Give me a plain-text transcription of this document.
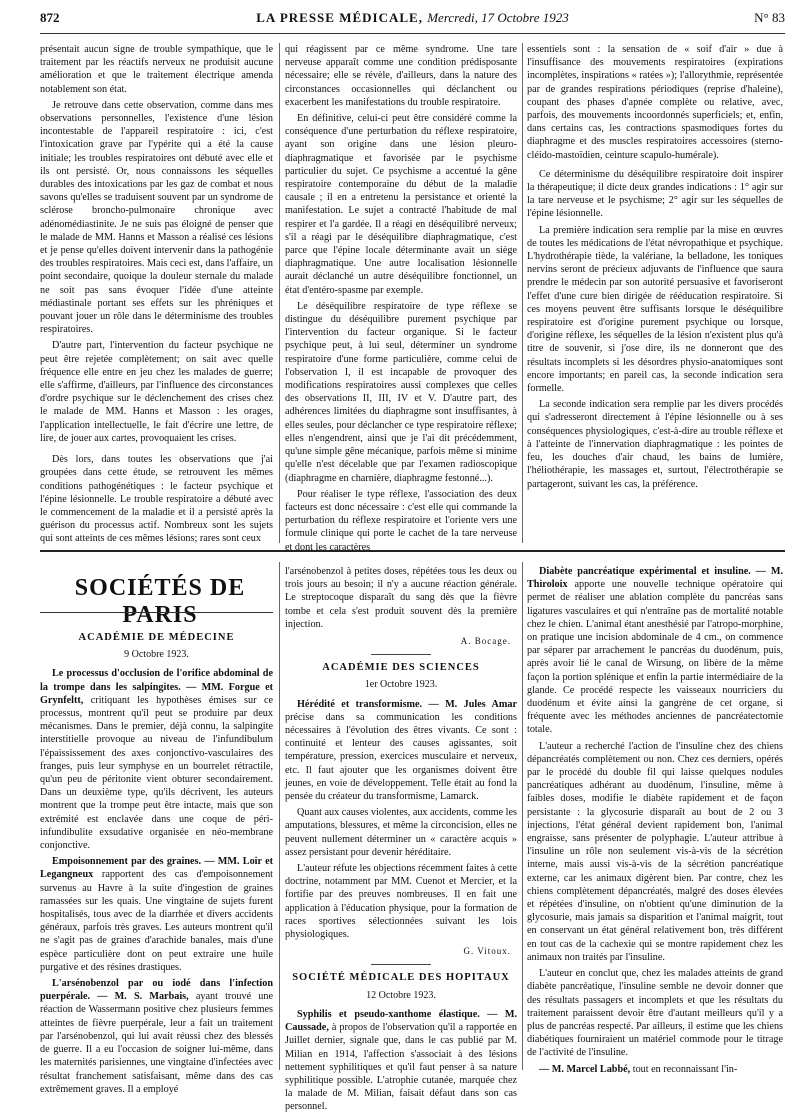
872	LA PRESSE MÉDICALE, Mercredi, 17 Octobre 1923	N° 83

présentait aucun signe de trouble sympathique, que le traitement par les réactifs nerveux ne produisit aucune amélioration et que le traitement électrique amenda notablement son état.

Je retrouve dans cette observation, comme dans mes observations personnelles, l'existence d'une lésion incontestable de l'appareil respiratoire : ici, c'est l'intoxication grave par l'ypérite qui a été la cause initiale; les troubles respiratoires ont débuté avec elle et ils ont persisté. Or, nous connaissons les séquelles durables des intoxications par les gaz de combat et nous savons qu'elles se traduisent souvent par un syndrome de sclérose broncho-pulmonaire chronique avec adénomédiastinite. Je ne suis pas éloigné de penser que le malade de MM. Hanns et Masson a réalisé ces lésions et je pense qu'elles doivent intervenir dans la pathogénie des troubles respiratoires. Mais ceci est, dans l'affaire, un point secondaire, quoique la douleur sternale du malade ne soit pas sans évoquer l'idée d'une atteinte médiastinale portant ses effets sur les phréniques et pouvant jouer un rôle dans le déterminisme des troubles respiratoires.

D'autre part, l'intervention du facteur psychique ne peut être rejetée complètement; on sait avec quelle fréquence elle entre en jeu chez les malades de guerre; elle s'affirme, d'ailleurs, par l'influence des circonstances d'ordre psychique sur le déclenchement des crises chez le malade de MM. Hanns et Masson : les orages, l'application intellectuelle, le fait d'écrire une lettre, de lire, de jouer aux cartes, provoquaient les crises.

Dès lors, dans toutes les observations que j'ai groupées dans cette étude, se retrouvent les mêmes conditions pathogénétiques : le facteur psychique et l'épine lésionnelle. Le trouble respiratoire a débuté avec le commencement de la maladie et il a persisté après la guérison du processus actif. Nombreux sont les sujets qui sont atteints de ces mêmes lésions; rares sont ceux

qui réagissent par ce même syndrome. Une tare nerveuse apparaît comme une condition prédisposante nécessaire; elle se révèle, d'ailleurs, dans la nature des circonstances occasionnelles qui déclanchent ou exacerbent les manifestations du trouble respiratoire.

En définitive, celui-ci peut être considéré comme la conséquence d'une perturbation du réflexe respiratoire, ayant son origine dans une lésion pleuro-diaphragmatique et favorisée par le psychisme particulier du sujet. Ce psychisme a accentué la gêne respiratoire contemporaine du début de la maladie causale ; il en a entretenu la persistance et orienté la manifestation. Le sujet a contracté l'habitude de mal respirer et l'a gardée. Il a réagi en déséquilibré nerveux; s'il a réagi par le déséquilibre diaphragmatique, c'est parce que l'épine locale déterminante avait un siège diaphragmatique. Une autre localisation lésionnelle aurait déclanché un autre déséquilibre fonctionnel, un état d'entéro-spasme par exemple.

Le déséquilibre respiratoire de type réflexe se distingue du déséquilibre purement psychique par l'intervention du facteur organique. Si le facteur psychique peut, à lui seul, déterminer un syndrome respiratoire d'une forme particulière, comme celui de l'observation I, il est incapable de provoquer des modifications respiratoires aussi complexes que celles des observations II, III, IV et V. D'autre part, des adhérences limitées du diaphragme sont insuffisantes, à elles seules, pour déclancher ce type respiratoire réflexe; elles n'engendrent, ainsi que je l'ai dit précédemment, qu'une simple gêne mécanique, parfois même si minime qu'elle n'est décelable que par l'examen radioscopique (diaphragme en charnière, diaphragme festonné...).

Pour réaliser le type réflexe, l'association des deux facteurs est donc nécessaire : c'est elle qui commande la perturbation du réflexe respiratoire et l'oriente vers une formule clinique qui porte le cachet de la tare nerveuse et dont les caractères

essentiels sont : la sensation de « soif d'air » due à l'insuffisance des mouvements respiratoires (expirations incomplètes, inspirations « ratées »); l'allorythmie, représentée par de grandes respirations périodiques (reprise d'haleine), coupant des phases d'apnée complète ou relative, avec, parfois, des mouvements incoordonnés superficiels; et, enfin, dans certains cas, les contractions spasmodiques fortes du diaphragme et des muscles respiratoires accessoires (sterno-cléido-mastoïdien, ceinture scapulo-humérale).

Ce déterminisme du déséquilibre respiratoire doit inspirer la thérapeutique; il dicte deux grandes indications : 1° agir sur la tare nerveuse et le psychisme; 2° agir sur les séquelles de l'épine lésionnelle.

La première indication sera remplie par la mise en œuvres de toutes les médications de l'état névropathique et psychique. L'hydrothérapie tiède, la valériane, la belladone, les toniques nervins seront de précieux adjuvants de l'influence que saura prendre le médecin par son autorité persuasive et favoriseront l'effet d'une cure bien dirigée de rééducation respiratoire. Si ces moyens peuvent être suffisants lorsque le déséquilibre respiratoire est d'origine purement psychique ou lorsque, d'origine réflexe, les séquelles de la lésion n'existent plus qu'à titre de souvenir, si j'ose dire, ils ne donneront que des résultats incomplets si les désordres physio-anatomiques sont encore importants; en pareil cas, la seconde indication sera formelle.

La seconde indication sera remplie par les divers procédés qui s'adresseront directement à l'épine lésionnelle ou à ses conséquences physiologiques, c'est-à-dire au trouble réflexe et à l'atteinte de l'innervation diaphragmatique : les pointes de feu, les douches d'air chaud, les bains de lumière, l'héliothérapie, les massages et, surtout, l'électrothérapie se partageront, suivant les cas, la préférence.

SOCIÉTÉS DE PARIS
ACADÉMIE DE MÉDECINE
9 Octobre 1923.

Le processus d'occlusion de l'orifice abdominal de la trompe dans les salpingites. — MM. Forgue et Grynfeltt, critiquant les hypothèses émises sur ce processus, montrent qu'il peut se produire par deux mécanismes. Dans le premier, déjà connu, la salpingite interstitielle provoque au niveau de l'infundibulum l'épaississement des axes conjonctivo-vasculaires des franges, puis leur symphyse en un bourrelet rétractile, qu'un peu de péritonite vient obturer secondairement. Dans un deuxième type, qu'ils décrivent, les auteurs montrent que la trompe peut être intacte, mais que son extrémité est enclavée dans une coque de péri-infundibulite exsudative organisée en néo-membrane conjonctive.

Empoisonnement par des graines. — MM. Loir et Legangneux rapportent des cas d'empoisonnement survenus au Havre à la suite d'ingestion de graines ramassées sur les quais. Une vingtaine de sujets furent hospitalisés, tous avec de la diarrhée et divers accidents généraux, parfois très graves. Les auteurs montrent qu'il ne s'agit pas de graines d'arachide banales, mais d'une espèce particulière dont on peut extraire une huile purgative et des résines drastiques.

L'arsénobenzol par ou iodé dans l'infection puerpérale. — M. S. Marbais, ayant trouvé une réaction de Wassermann positive chez plusieurs femmes atteintes de fièvre puerpérale, leur a fait un traitement par l'arsénobenzol, qui lui avait réussi chez des blessés de guerre. Il a eu l'occasion de soigner lui-même, dans les maternités parisiennes, une vingtaine d'infectées avec résultat franchement satisfaisant, même dans des cas extrêmement graves. Il a employé

l'arsénobenzol à petites doses, répétées tous les deux ou trois jours au besoin; il n'y a aucune réaction générale. Le streptocoque disparaît du sang dès que la fièvre tombe et cela s'est produit souvent dès la première injection.

A. Bocage.
ACADÉMIE DES SCIENCES
1er Octobre 1923.

Hérédité et transformisme. — M. Jules Amar précise dans sa communication les conditions nécessaires à l'évolution des êtres vivants. Ce sont : continuité et lenteur des causes agissantes, soit température, pression, exercices musculaire et nerveux, etc. Il faut ajouter que les organismes doivent être jeunes, en voie de développement. Telle était au fond la pensée du créateur du transformisme, Lamarck.

Quant aux causes violentes, aux accidents, comme les amputations, blessures, et même la circoncision, elles ne peuvent nullement déterminer un « caractère acquis » assez persistant pour devenir héréditaire.

L'auteur réfute les objections récemment faites à cette doctrine, notamment par MM. Cuenot et Mercier, et la fortifie par des preuves nombreuses. Il en fait une application à l'éducation physique, pour la formation de races sportives sélectionnées suivant les lois physiologiques.

G. Vitoux.
SOCIÉTÉ MÉDICALE DES HOPITAUX
12 Octobre 1923.

Syphilis et pseudo-xanthome élastique. — M. Caussade, à propos de l'observation qu'il a rapportée en Juillet dernier, signale que, dans le cas publié par M. Milian en 1914, l'affection s'associait à des lésions nettement syphilitiques et qu'il faut penser à sa nature syphilitique possible. L'atrophie cutanée, marquée chez la malade de M. Milian, faisait défaut dans son cas personnel.

Diabète pancréatique expérimental et insuline. — M. Thiroloix apporte une nouvelle technique opératoire qui permet de réaliser une ablation complète du pancréas sans ligatures vasculaires et qui n'entraîne pas de mortalité notable chez le chien. L'animal étant anesthésié par l'atropo-morphine, on pratique une incision abdominale de 4 cm., on commence par séparer par arrachement le pancréas du duodénum, puis, après avoir lié le canal de Wirsung, on libère de la même façon la portion splénique et enfin la partie intermédiaire de la glande. Ce procédé respecte les vaisseaux nourriciers du duodénum et évite ainsi la gangrène de cet organe, si fréquente avec les méthodes anciennes de pancréatectomie totale.

L'auteur a recherché l'action de l'insuline chez des chiens dépancréatés complètement ou non. Chez ces derniers, opérés par le procédé du double fil qui laisse quelques nodules pancréatiques adhérant au duodénum, l'insuline, même à faibles doses, modifie le diabète rapidement et de façon persistante : la glycosurie disparaît au bout de 2 ou 3 injections, l'état général devient rapidement bon, l'animal engraisse, sans présenter de polyphagie. L'auteur attribue à l'insuline un rôle non seulement vis-à-vis de la sécrétion interne, mais aussi vis-à-vis de la sécrétion pancréatique externe, car les animaux digèrent bien. Par contre, chez les chiens complètement dépancréatés, malgré des doses élevées et répétées d'insuline, on n'obtient qu'une diminution de la glycosurie, mais jamais sa disparition et l'animal maigrit, tout en conservant un état général relativement bon, très différent en tout cas de la cachexie qui se montre rapidement chez les animaux non traités par l'insuline.

L'auteur en conclut que, chez les malades atteints de grand diabète pancréatique, l'insuline semble ne devoir donner que des résultats passagers et incomplets et que les résultats du traitement paraissent devoir être d'autant meilleurs qu'il y a plus de pancréas respecté. Par ailleurs, il estime que les chiens diabétiques fourniraient un matériel commode pour le titrage de l'activité de l'insuline.

— M. Marcel Labbé, tout en reconnaissant l'in-
